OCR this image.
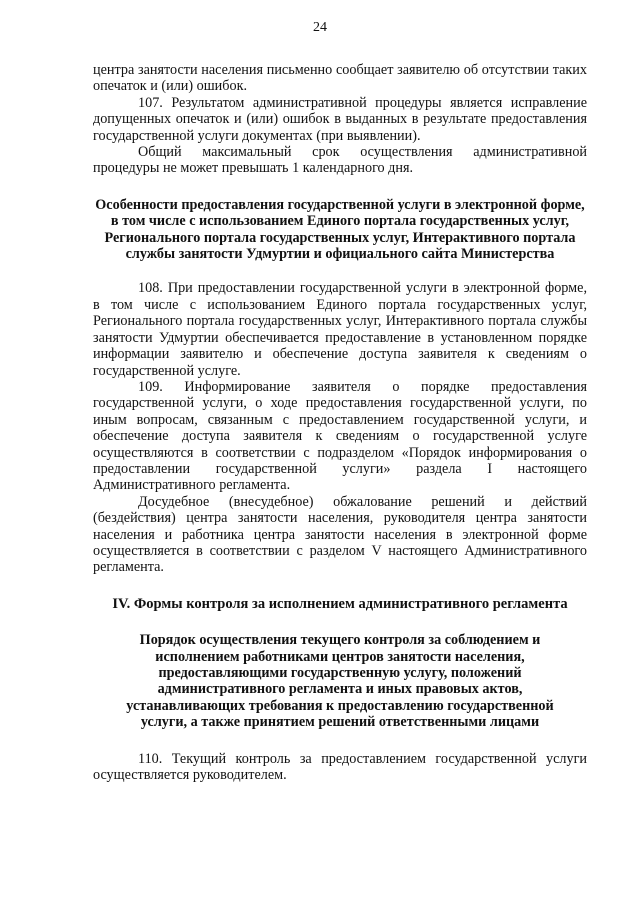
24

центра занятости населения письменно сообщает заявителю об отсутствии таких опечаток и (или) ошибок.

107. Результатом административной процедуры является исправление допущенных опечаток и (или) ошибок в выданных в результате предоставления государственной услуги документах (при выявлении).

Общий максимальный срок осуществления административной процедуры не может превышать 1 календарного дня.

Особенности предоставления государственной услуги в электронной форме, в том числе с использованием Единого портала государственных услуг, Регионального портала государственных услуг, Интерактивного портала службы занятости Удмуртии и официального сайта Министерства

108. При предоставлении государственной услуги в электронной форме, в том числе с использованием Единого портала государственных услуг, Регионального портала государственных услуг, Интерактивного портала службы занятости Удмуртии обеспечивается предоставление в установленном порядке информации заявителю и обеспечение доступа заявителя к сведениям о государственной услуге.

109. Информирование заявителя о порядке предоставления государственной услуги, о ходе предоставления государственной услуги, по иным вопросам, связанным с предоставлением государственной услуги, и обеспечение доступа заявителя к сведениям о государственной услуге осуществляются в соответствии с подразделом «Порядок информирования о предоставлении государственной услуги» раздела I настоящего Административного регламента.

Досудебное (внесудебное) обжалование решений и действий (бездействия) центра занятости населения, руководителя центра занятости населения и работника центра занятости населения в электронной форме осуществляется в соответствии с разделом V настоящего Административного регламента.

IV. Формы контроля за исполнением административного регламента

Порядок осуществления текущего контроля за соблюдением и исполнением работниками центров занятости населения, предоставляющими государственную услугу, положений административного регламента и иных правовых актов, устанавливающих требования к предоставлению государственной услуги, а также принятием решений ответственными лицами

110. Текущий контроль за предоставлением государственной услуги осуществляется руководителем.
